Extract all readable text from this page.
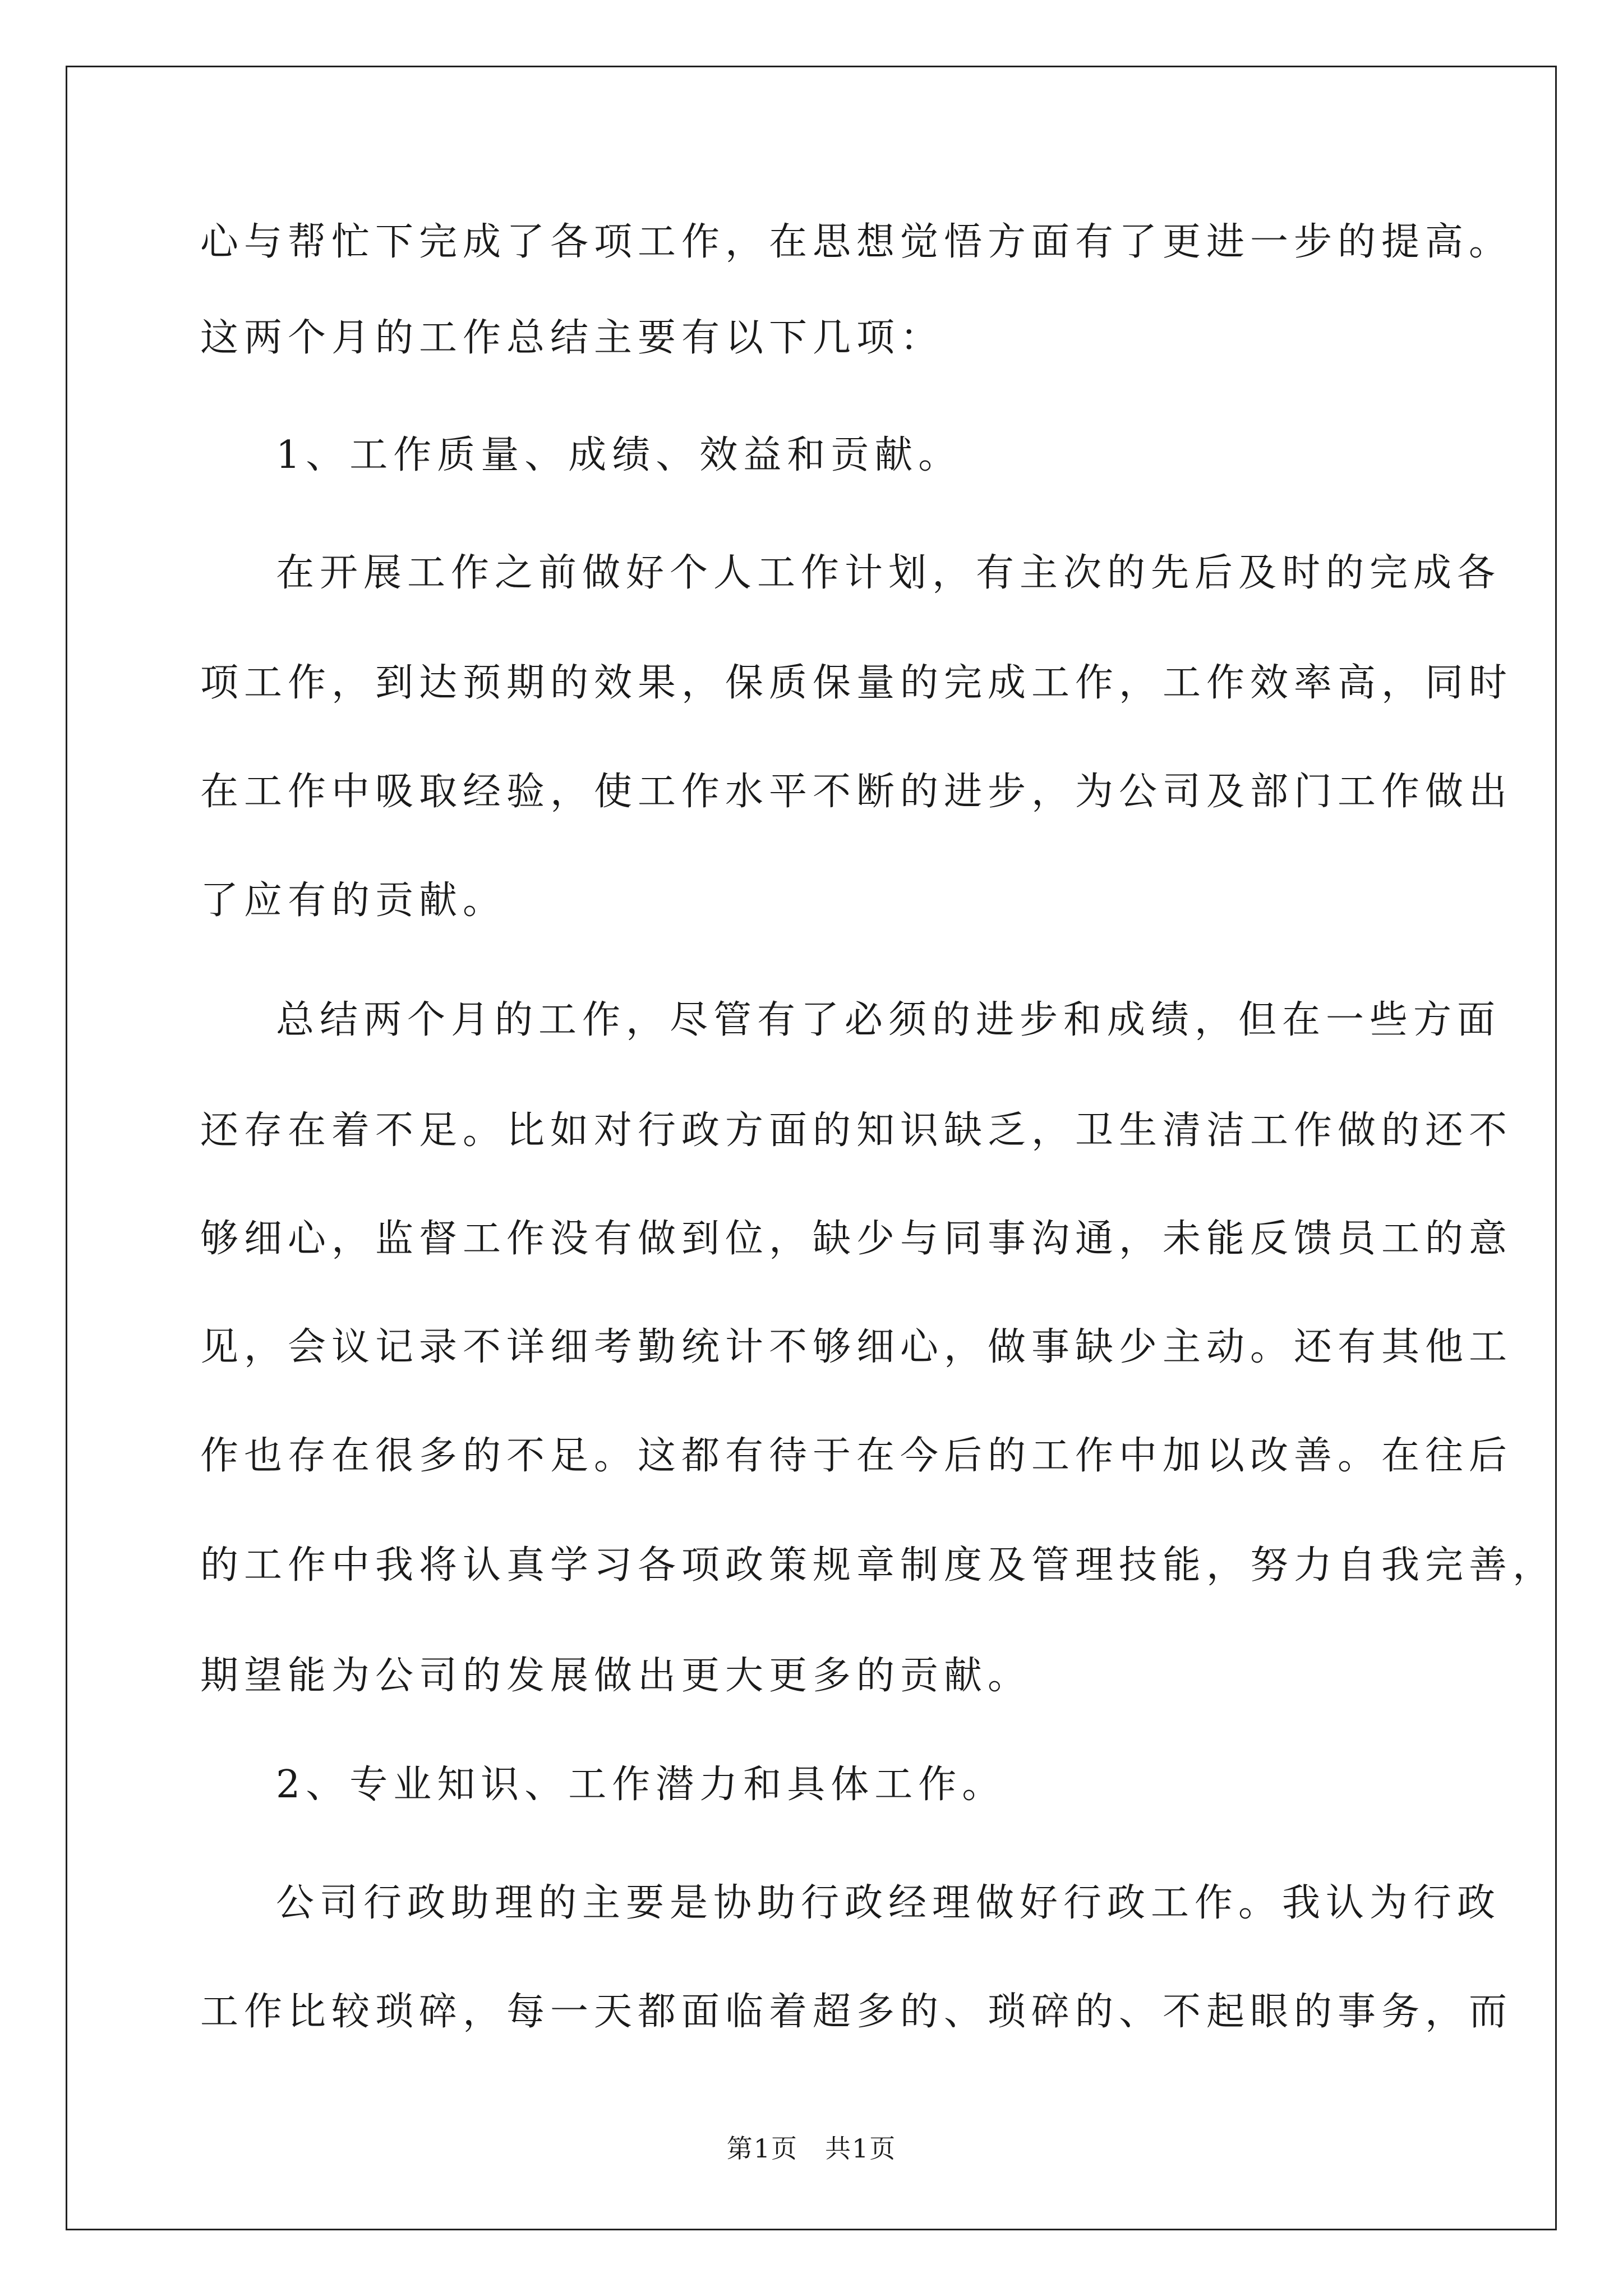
心与帮忙下完成了各项工作，在思想觉悟方面有了更进一步的提高。
这两个月的工作总结主要有以下几项：
1、工作质量、成绩、效益和贡献。
在开展工作之前做好个人工作计划，有主次的先后及时的完成各
项工作，到达预期的效果，保质保量的完成工作，工作效率高，同时
在工作中吸取经验，使工作水平不断的进步，为公司及部门工作做出
了应有的贡献。
总结两个月的工作，尽管有了必须的进步和成绩，但在一些方面
还存在着不足。比如对行政方面的知识缺乏，卫生清洁工作做的还不
够细心，监督工作没有做到位，缺少与同事沟通，未能反馈员工的意
见，会议记录不详细考勤统计不够细心，做事缺少主动。还有其他工
作也存在很多的不足。这都有待于在今后的工作中加以改善。在往后
的工作中我将认真学习各项政策规章制度及管理技能，努力自我完善，
期望能为公司的发展做出更大更多的贡献。
2、专业知识、工作潜力和具体工作。
公司行政助理的主要是协助行政经理做好行政工作。我认为行政
工作比较琐碎，每一天都面临着超多的、琐碎的、不起眼的事务，而
第1页　共1页
